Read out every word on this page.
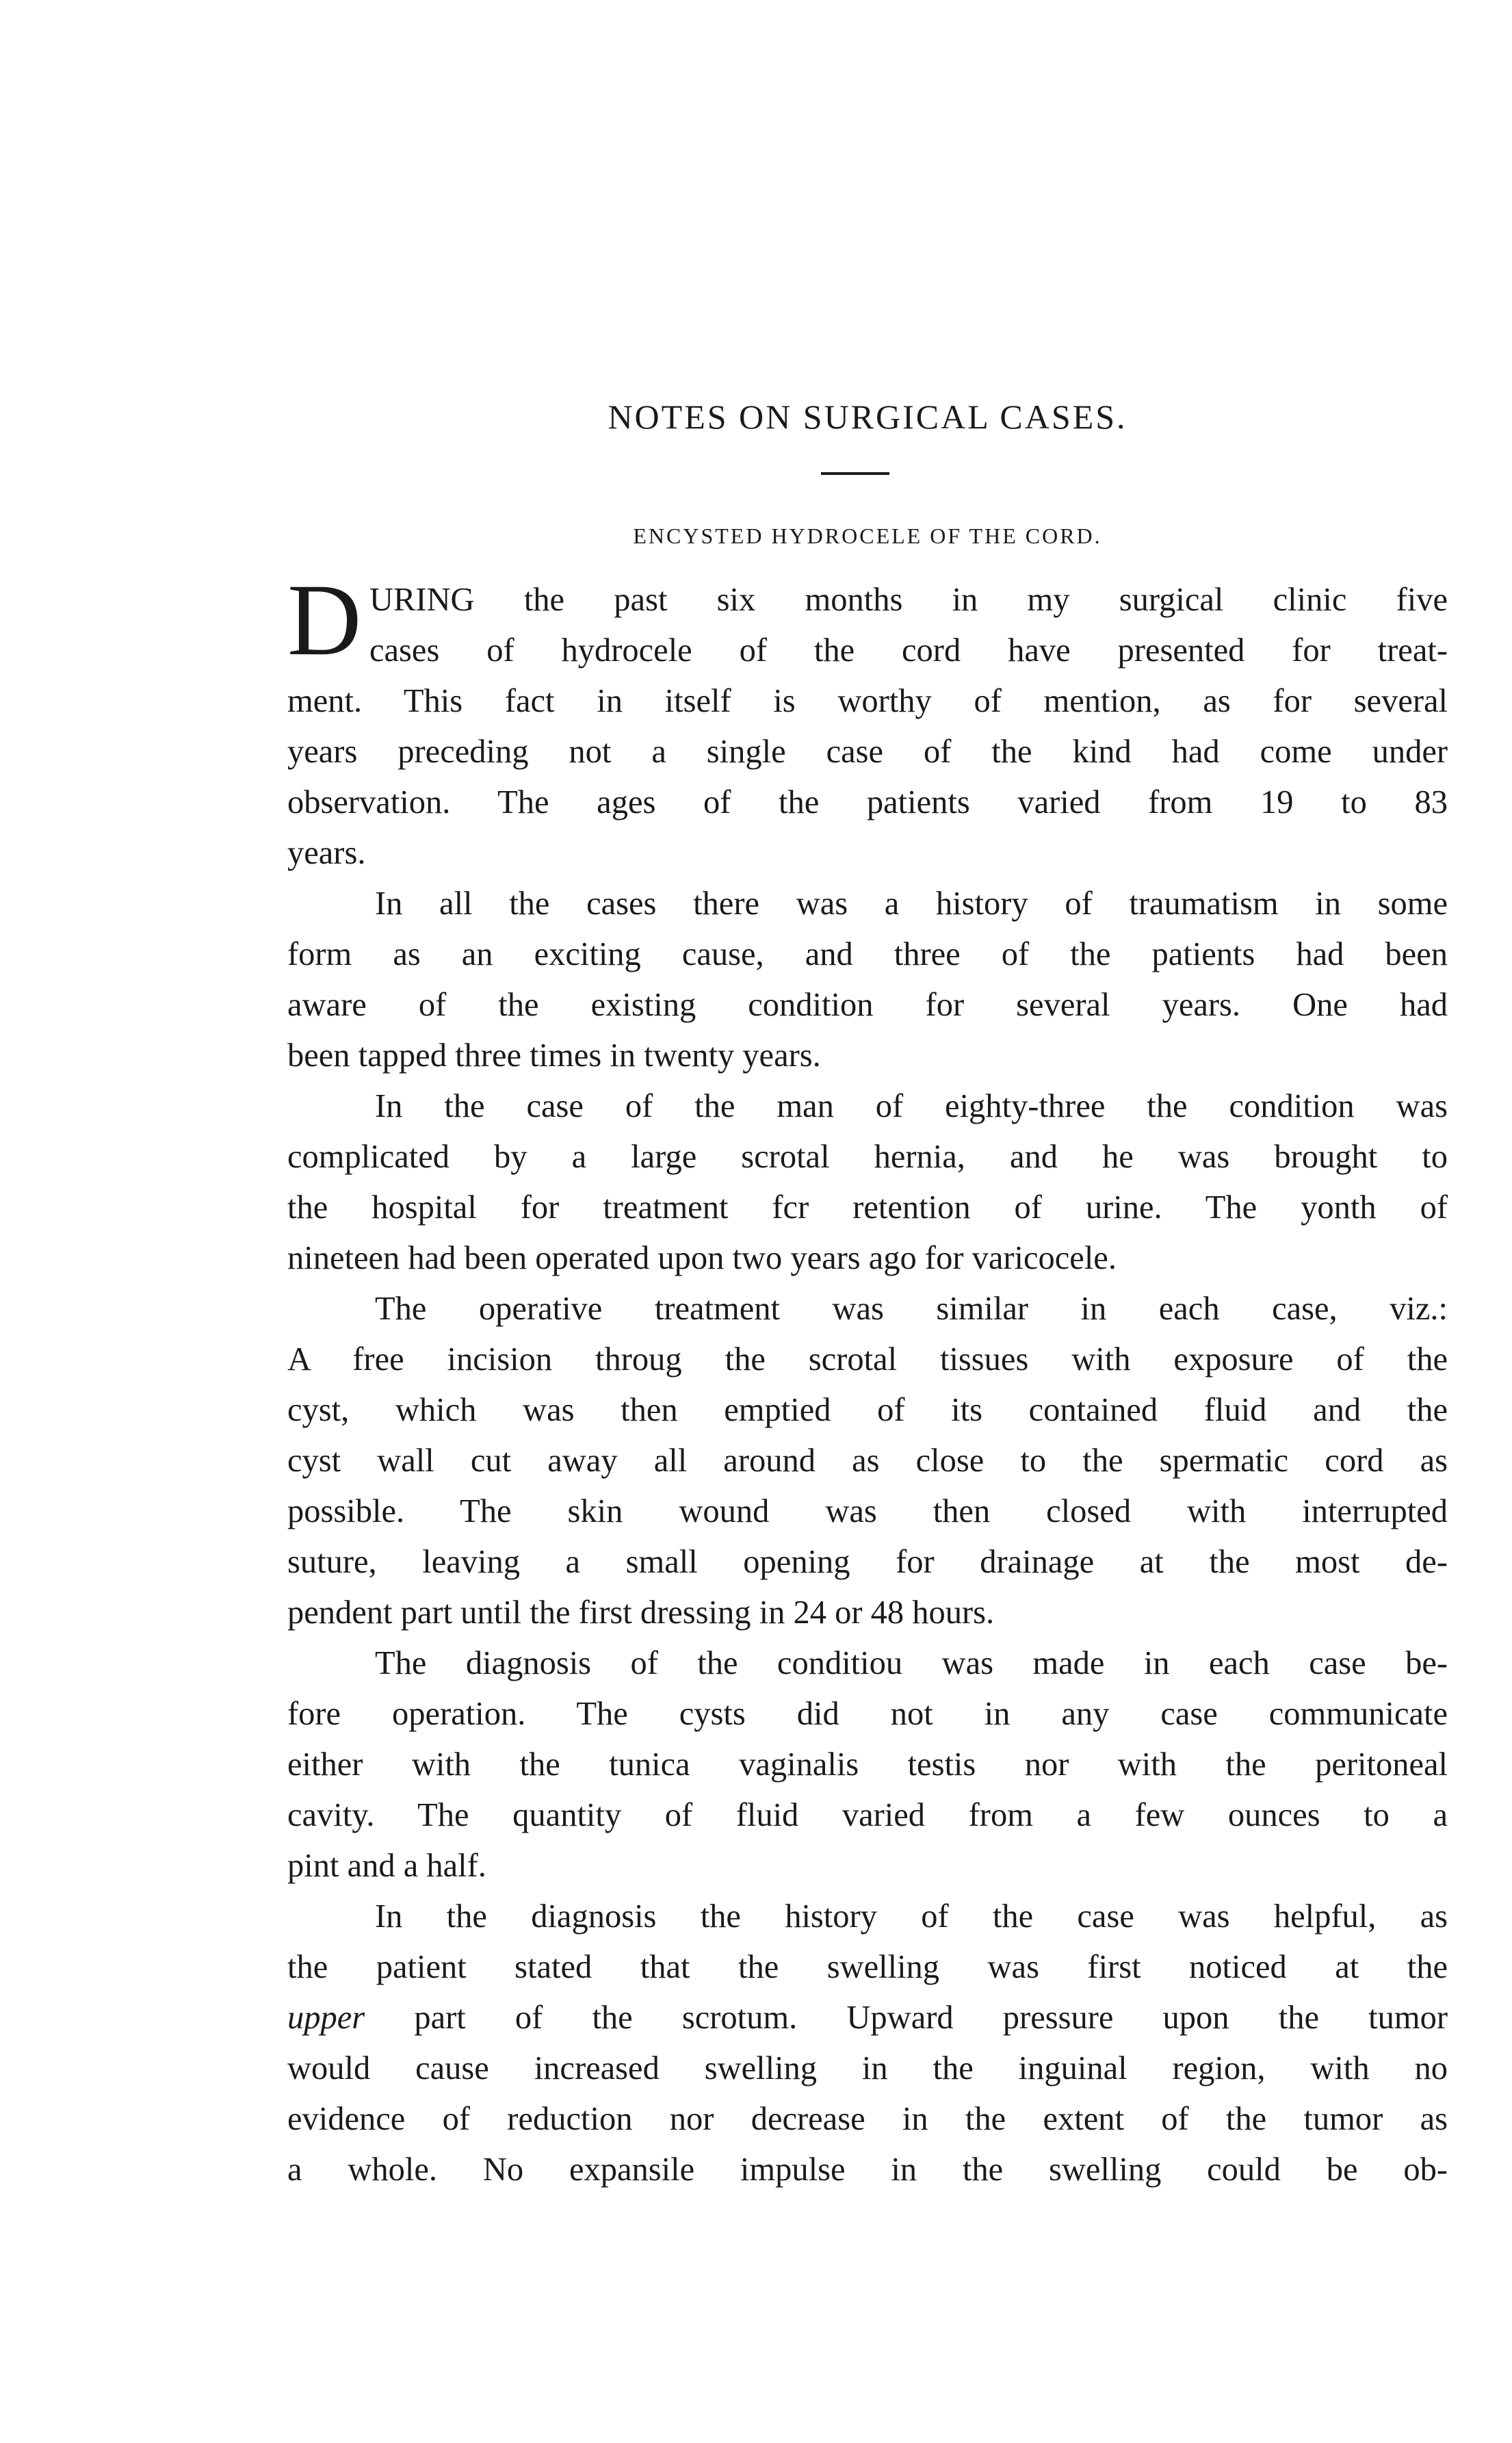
NOTES ON SURGICAL CASES.
ENCYSTED HYDROCELE OF THE CORD.
D URING the past six months in my surgical clinic five
cases of hydrocele of the cord have presented for treat-
ment. This fact in itself is worthy of mention, as for several
years preceding not a single case of the kind had come under
observation. The ages of the patients varied from 19 to 83
years.
In all the cases there was a history of traumatism in some
form as an exciting cause, and three of the patients had been
aware of the existing condition for several years. One had
been tapped three times in twenty years.
In the case of the man of eighty-three the condition was
complicated by a large scrotal hernia, and he was brought to
the hospital for treatment fcr retention of urine. The yonth of
nineteen had been operated upon two years ago for varicocele.
The operative treatment was similar in each case, viz.:
A free incision throug the scrotal tissues with exposure of the
cyst, which was then emptied of its contained fluid and the
cyst wall cut away all around as close to the spermatic cord as
possible. The skin wound was then closed with interrupted
suture, leaving a small opening for drainage at the most de-
pendent part until the first dressing in 24 or 48 hours.
The diagnosis of the conditiou was made in each case be-
fore operation. The cysts did not in any case communicate
either with the tunica vaginalis testis nor with the peritoneal
cavity. The quantity of fluid varied from a few ounces to a
pint and a half.
In the diagnosis the history of the case was helpful, as
the patient stated that the swelling was first noticed at the
upper part of the scrotum. Upward pressure upon the tumor
would cause increased swelling in the inguinal region, with no
evidence of reduction nor decrease in the extent of the tumor as
a whole. No expansile impulse in the swelling could be ob-
